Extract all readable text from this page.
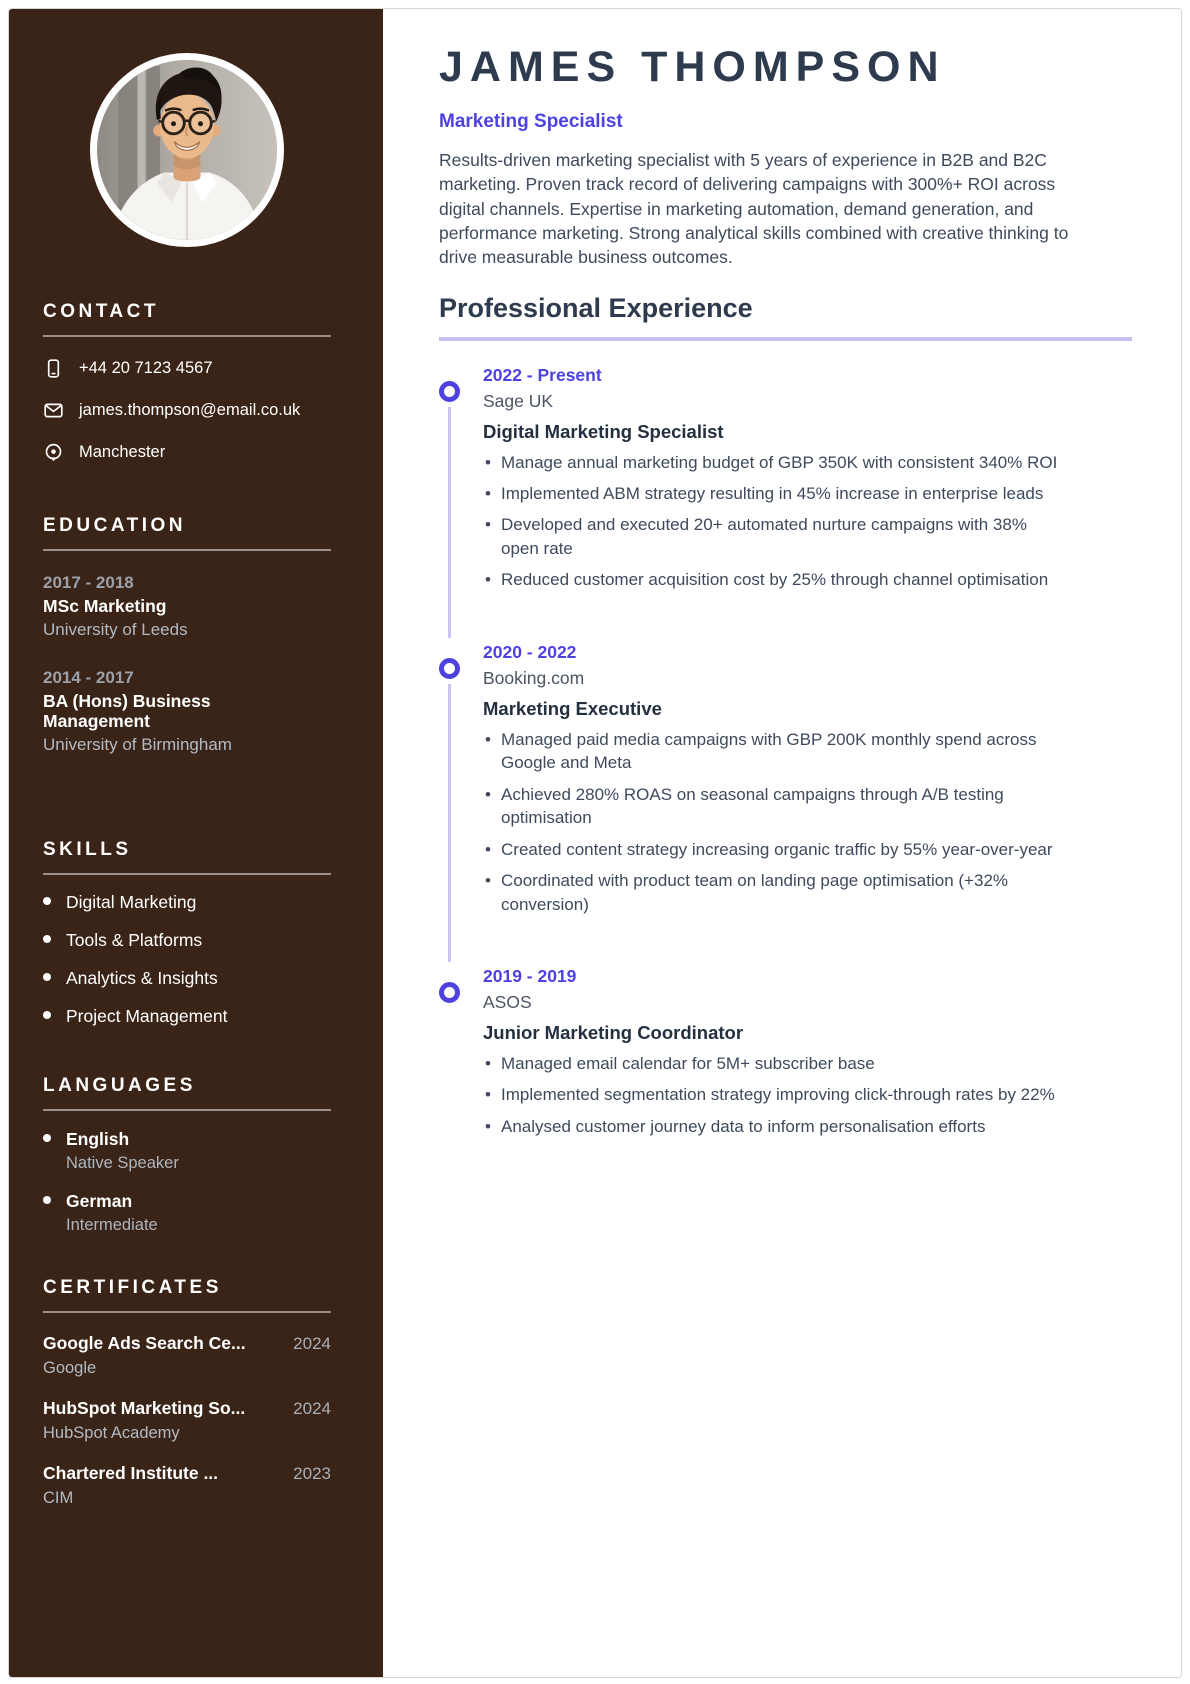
CONTACT
+44 20 7123 4567
james.thompson@email.co.uk
Manchester
EDUCATION
2017 - 2018
MSc Marketing
University of Leeds
2014 - 2017
BA (Hons) Business Management
University of Birmingham
SKILLS
Digital Marketing
Tools & Platforms
Analytics & Insights
Project Management
LANGUAGES
English
Native Speaker
German
Intermediate
CERTIFICATES
Google Ads Search Ce...	2024
Google
HubSpot Marketing So...	2024
HubSpot Academy
Chartered Institute ...	2023
CIM
JAMES THOMPSON
Marketing Specialist

Results-driven marketing specialist with 5 years of experience in B2B and B2C marketing. Proven track record of delivering campaigns with 300%+ ROI across digital channels. Expertise in marketing automation, demand generation, and performance marketing. Strong analytical skills combined with creative thinking to drive measurable business outcomes.

Professional Experience
2022 - Present
Sage UK
Digital Marketing Specialist
• Manage annual marketing budget of GBP 350K with consistent 340% ROI
• Implemented ABM strategy resulting in 45% increase in enterprise leads
• Developed and executed 20+ automated nurture campaigns with 38% open rate
• Reduced customer acquisition cost by 25% through channel optimisation
2020 - 2022
Booking.com
Marketing Executive
• Managed paid media campaigns with GBP 200K monthly spend across Google and Meta
• Achieved 280% ROAS on seasonal campaigns through A/B testing optimisation
• Created content strategy increasing organic traffic by 55% year-over-year
• Coordinated with product team on landing page optimisation (+32% conversion)
2019 - 2019
ASOS
Junior Marketing Coordinator
• Managed email calendar for 5M+ subscriber base
• Implemented segmentation strategy improving click-through rates by 22%
• Analysed customer journey data to inform personalisation efforts
